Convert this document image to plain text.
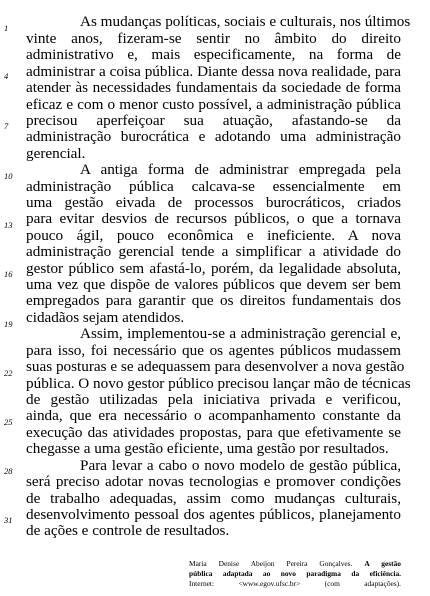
1
4
7
10
13
16
19
22
25
28
31
As mudanças políticas, sociais e culturais, nos últimos
vinte anos, fizeram-se sentir no âmbito do direito
administrativo e, mais especificamente, na forma de
administrar a coisa pública. Diante dessa nova realidade, para
atender às necessidades fundamentais da sociedade de forma
eficaz e com o menor custo possível, a administração pública
precisou aperfeiçoar sua atuação, afastando-se da
administração burocrática e adotando uma administração
gerencial.
A antiga forma de administrar empregada pela
administração pública calcava-se essencialmente em
uma gestão eivada de processos burocráticos, criados
para evitar desvios de recursos públicos, o que a tornava
pouco ágil, pouco econômica e ineficiente. A nova
administração gerencial tende a simplificar a atividade do
gestor público sem afastá-lo, porém, da legalidade absoluta,
uma vez que dispõe de valores públicos que devem ser bem
empregados para garantir que os direitos fundamentais dos
cidadãos sejam atendidos.
Assim, implementou-se a administração gerencial e,
para isso, foi necessário que os agentes públicos mudassem
suas posturas e se adequassem para desenvolver a nova gestão
pública. O novo gestor público precisou lançar mão de técnicas
de gestão utilizadas pela iniciativa privada e verificou,
ainda, que era necessário o acompanhamento constante da
execução das atividades propostas, para que efetivamente se
chegasse a uma gestão eficiente, uma gestão por resultados.
Para levar a cabo o novo modelo de gestão pública,
será preciso adotar novas tecnologias e promover condições
de trabalho adequadas, assim como mudanças culturais,
desenvolvimento pessoal dos agentes públicos, planejamento
de ações e controle de resultados.
Maria Denise Abeijon Pereira Gonçalves. A gestão
pública adaptada ao novo paradigma da eficiência.
Internet:	<www.egov.ufsc.br>	(com adaptações).
